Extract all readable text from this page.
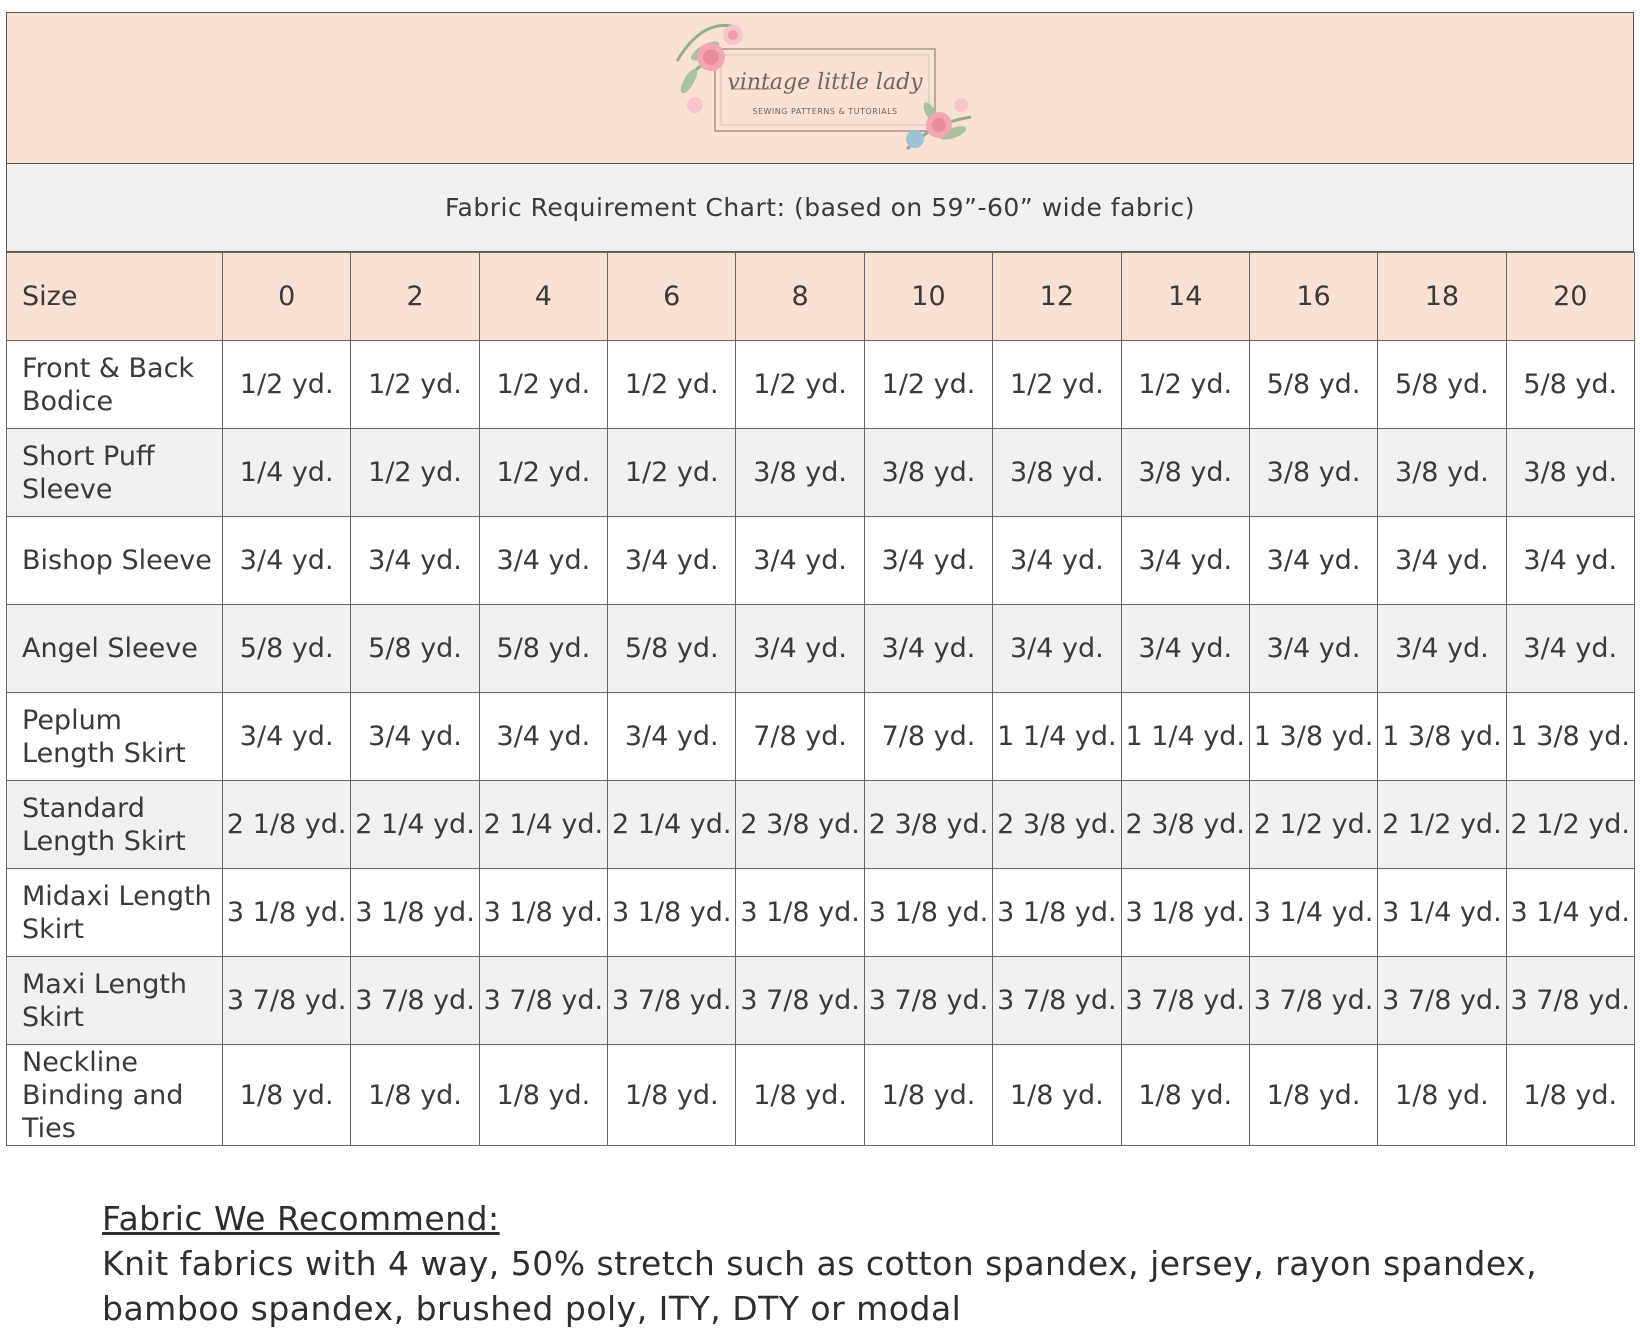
vintage little lady
SEWING PATTERNS & TUTORIALS
Fabric Requirement Chart: (based on 59”-60” wide fabric)
Size	0	2	4	6	8	10	12	14	16	18	20
Front & Back Bodice	1/2 yd.	1/2 yd.	1/2 yd.	1/2 yd.	1/2 yd.	1/2 yd.	1/2 yd.	1/2 yd.	5/8 yd.	5/8 yd.	5/8 yd.
Short Puff Sleeve	1/4 yd.	1/2 yd.	1/2 yd.	1/2 yd.	3/8 yd.	3/8 yd.	3/8 yd.	3/8 yd.	3/8 yd.	3/8 yd.	3/8 yd.
Bishop Sleeve	3/4 yd.	3/4 yd.	3/4 yd.	3/4 yd.	3/4 yd.	3/4 yd.	3/4 yd.	3/4 yd.	3/4 yd.	3/4 yd.	3/4 yd.
Angel Sleeve	5/8 yd.	5/8 yd.	5/8 yd.	5/8 yd.	3/4 yd.	3/4 yd.	3/4 yd.	3/4 yd.	3/4 yd.	3/4 yd.	3/4 yd.
Peplum Length Skirt	3/4 yd.	3/4 yd.	3/4 yd.	3/4 yd.	7/8 yd.	7/8 yd.	1 1/4 yd.	1 1/4 yd.	1 3/8 yd.	1 3/8 yd.	1 3/8 yd.
Standard Length Skirt	2 1/8 yd.	2 1/4 yd.	2 1/4 yd.	2 1/4 yd.	2 3/8 yd.	2 3/8 yd.	2 3/8 yd.	2 3/8 yd.	2 1/2 yd.	2 1/2 yd.	2 1/2 yd.
Midaxi Length Skirt	3 1/8 yd.	3 1/8 yd.	3 1/8 yd.	3 1/8 yd.	3 1/8 yd.	3 1/8 yd.	3 1/8 yd.	3 1/8 yd.	3 1/4 yd.	3 1/4 yd.	3 1/4 yd.
Maxi Length Skirt	3 7/8 yd.	3 7/8 yd.	3 7/8 yd.	3 7/8 yd.	3 7/8 yd.	3 7/8 yd.	3 7/8 yd.	3 7/8 yd.	3 7/8 yd.	3 7/8 yd.	3 7/8 yd.
Neckline Binding and Ties	1/8 yd.	1/8 yd.	1/8 yd.	1/8 yd.	1/8 yd.	1/8 yd.	1/8 yd.	1/8 yd.	1/8 yd.	1/8 yd.	1/8 yd.
Fabric We Recommend:
Knit fabrics with 4 way, 50% stretch such as cotton spandex, jersey, rayon spandex, bamboo spandex, brushed poly, ITY, DTY or modal
